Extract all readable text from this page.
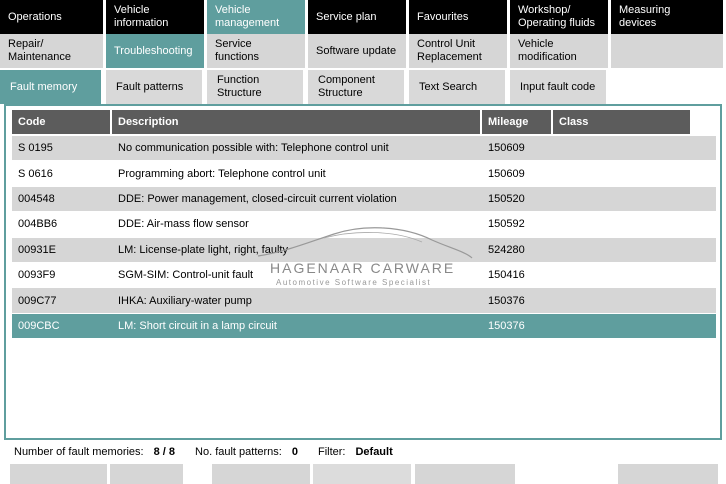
Operations
Vehicle information
Vehicle
management
Service plan	Favourites
Workshop/
Operating fluids
Measuring
devices
Repair/
Maintenance
Troubleshooting
Service functions
Software update
Control Unit
Replacement
Vehicle
modification
Fault memory	Fault patterns
Function
Structure
Component
Structure
Text Search	Input fault code
Code	Description	Mileage	Class
S 0195	No communication possible with: Telephone control unit	150609
S 0616	Programming abort: Telephone control unit	150609
004548	DDE: Power management, closed-circuit current violation	150520
004BB6	DDE: Air-mass flow sensor	150592
00931E	LM: License-plate light, right, faulty	524280
0093F9	SGM-SIM: Control-unit fault	150416
009C77	IHKA: Auxiliary-water pump	150376
009CBC	LM: Short circuit in a lamp circuit	150376
HAGENAAR CARWARE
Automotive Software Specialist
Number of fault memories: 8 / 8 No. fault patterns: 0 Filter: Default
